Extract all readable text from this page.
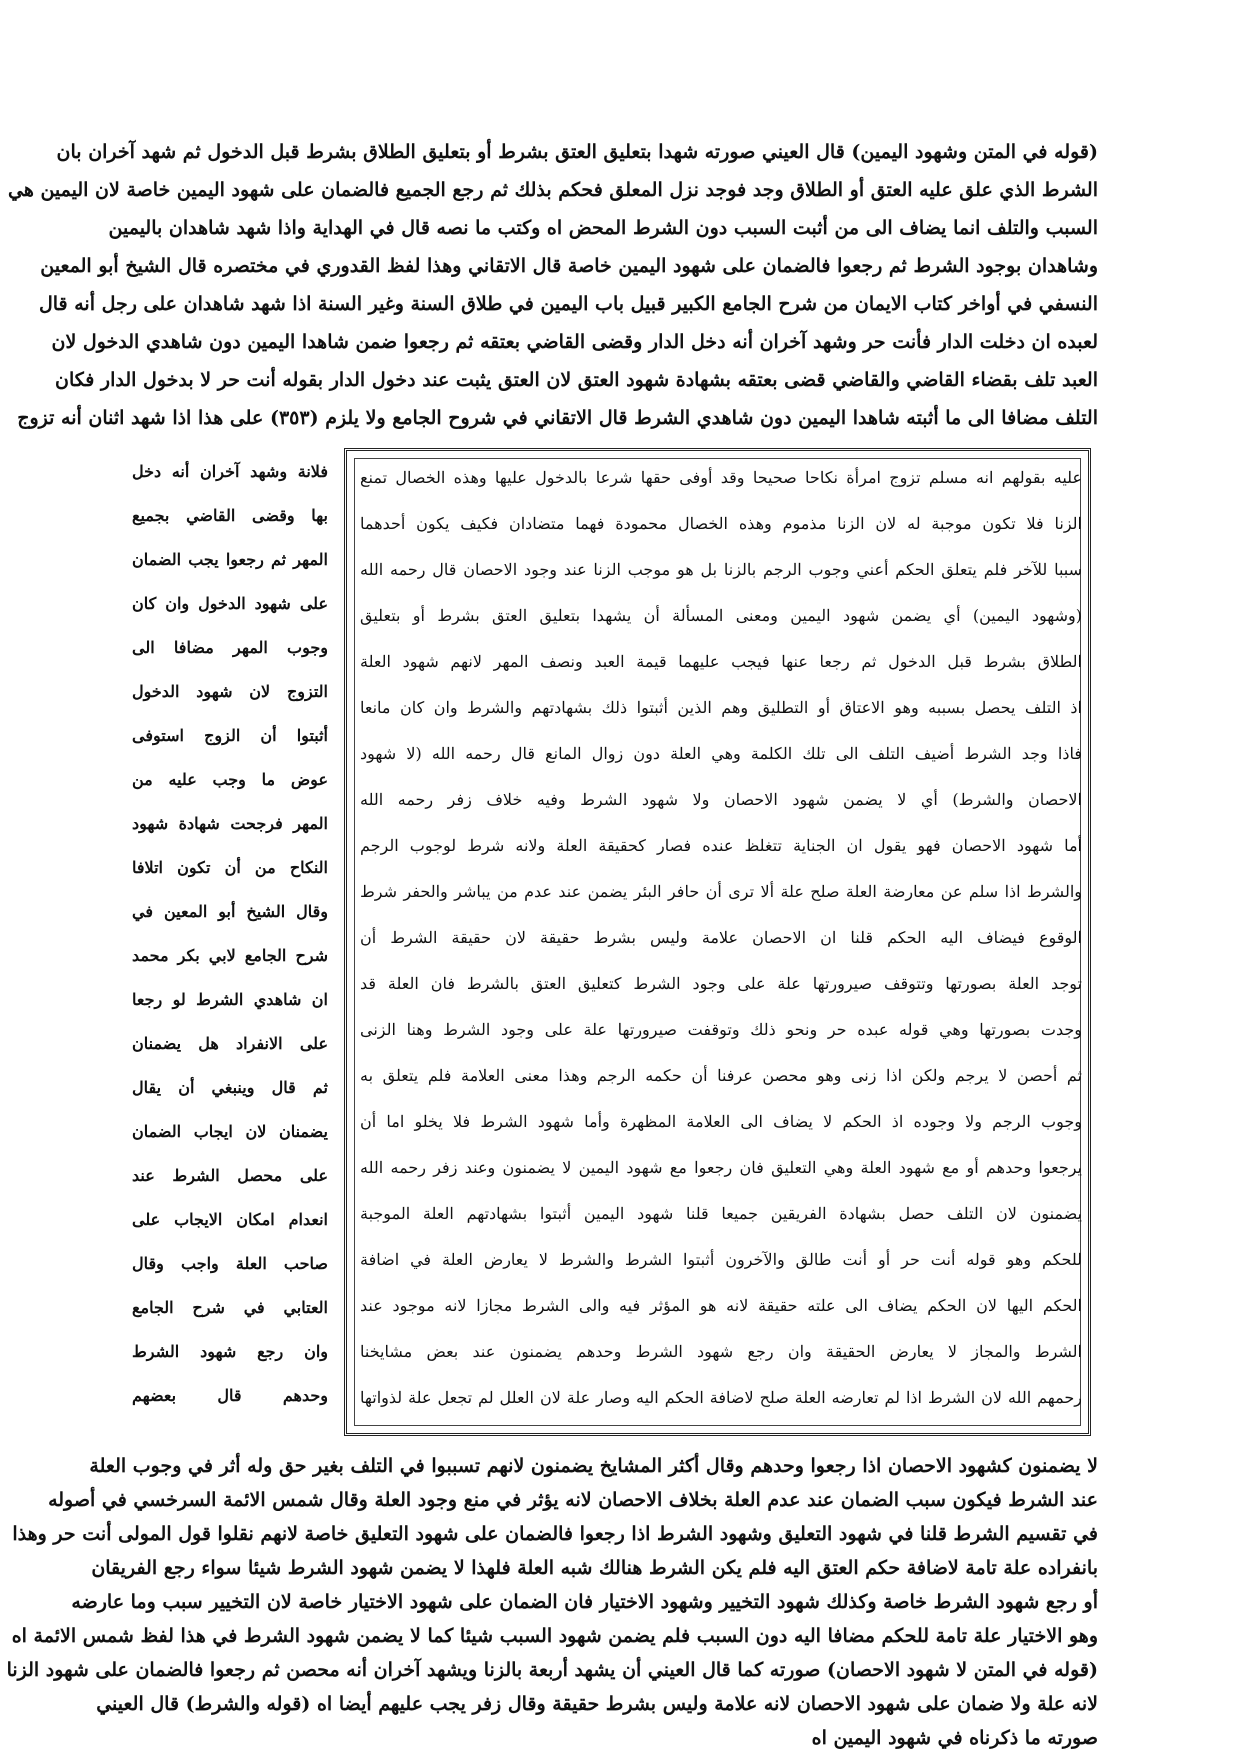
(قوله في المتن وشهود اليمين) قال العيني صورته شهدا بتعليق العتق بشرط أو بتعليق الطلاق بشرط قبل الدخول ثم شهد آخران بان
الشرط الذي علق عليه العتق أو الطلاق وجد فوجد نزل المعلق فحكم بذلك ثم رجع الجميع فالضمان على شهود اليمين خاصة لان اليمين هي
السبب والتلف انما يضاف الى من أثبت السبب دون الشرط المحض اه وكتب ما نصه قال في الهداية واذا شهد شاهدان باليمين
وشاهدان بوجود الشرط ثم رجعوا فالضمان على شهود اليمين خاصة قال الاتقاني وهذا لفظ القدوري في مختصره قال الشيخ أبو المعين
النسفي في أواخر كتاب الايمان من شرح الجامع الكبير قبيل باب اليمين في طلاق السنة وغير السنة اذا شهد شاهدان على رجل أنه قال
لعبده ان دخلت الدار فأنت حر وشهد آخران أنه دخل الدار وقضى القاضي بعتقه ثم رجعوا ضمن شاهدا اليمين دون شاهدي الدخول لان
العبد تلف بقضاء القاضي والقاضي قضى بعتقه بشهادة شهود العتق لان العتق يثبت عند دخول الدار بقوله أنت حر لا بدخول الدار فكان
التلف مضافا الى ما أثبته شاهدا اليمين دون شاهدي الشرط قال الاتقاني في شروح الجامع ولا يلزم (٣٥٣) على هذا اذا شهد اثنان أنه تزوج
عليه بقولهم انه مسلم تزوج امرأة نكاحا صحيحا وقد أوفى حقها شرعا بالدخول عليها وهذه الخصال تمنع
الزنا فلا تكون موجبة له لان الزنا مذموم وهذه الخصال محمودة فهما متضادان فكيف يكون أحدهما
سببا للآخر فلم يتعلق الحكم أعني وجوب الرجم بالزنا بل هو موجب الزنا عند وجود الاحصان قال رحمه الله
(وشهود اليمين) أي يضمن شهود اليمين ومعنى المسألة أن يشهدا بتعليق العتق بشرط أو بتعليق
الطلاق بشرط قبل الدخول ثم رجعا عنها فيجب عليهما قيمة العبد ونصف المهر لانهم شهود العلة
اذ التلف يحصل بسببه وهو الاعتاق أو التطليق وهم الذين أثبتوا ذلك بشهادتهم والشرط وان كان مانعا
فاذا وجد الشرط أضيف التلف الى تلك الكلمة وهي العلة دون زوال المانع قال رحمه الله (لا شهود
الاحصان والشرط) أي لا يضمن شهود الاحصان ولا شهود الشرط وفيه خلاف زفر رحمه الله
أما شهود الاحصان فهو يقول ان الجناية تتغلظ عنده فصار كحقيقة العلة ولانه شرط لوجوب الرجم
والشرط اذا سلم عن معارضة العلة صلح علة ألا ترى أن حافر البئر يضمن عند عدم من يباشر والحفر شرط
الوقوع فيضاف اليه الحكم قلنا ان الاحصان علامة وليس بشرط حقيقة لان حقيقة الشرط أن
توجد العلة بصورتها وتتوقف صيرورتها علة على وجود الشرط كتعليق العتق بالشرط فان العلة قد
وجدت بصورتها وهي قوله عبده حر ونحو ذلك وتوقفت صيرورتها علة على وجود الشرط وهنا الزنى
ثم أحصن لا يرجم ولكن اذا زنى وهو محصن عرفنا أن حكمه الرجم وهذا معنى العلامة فلم يتعلق به
وجوب الرجم ولا وجوده اذ الحكم لا يضاف الى العلامة المظهرة وأما شهود الشرط فلا يخلو اما أن
يرجعوا وحدهم أو مع شهود العلة وهي التعليق فان رجعوا مع شهود اليمين لا يضمنون وعند زفر رحمه الله
يضمنون لان التلف حصل بشهادة الفريقين جميعا قلنا شهود اليمين أثبتوا بشهادتهم العلة الموجبة
للحكم وهو قوله أنت حر أو أنت طالق والآخرون أثبتوا الشرط والشرط لا يعارض العلة في اضافة
الحكم اليها لان الحكم يضاف الى علته حقيقة لانه هو المؤثر فيه والى الشرط مجازا لانه موجود عند
الشرط والمجاز لا يعارض الحقيقة وان رجع شهود الشرط وحدهم يضمنون عند بعض مشايخنا
رحمهم الله لان الشرط اذا لم تعارضه العلة صلح لاضافة الحكم اليه وصار علة لان العلل لم تجعل علة لذواتها
فلانة وشهد آخران أنه دخل
بها وقضى القاضي بجميع
المهر ثم رجعوا يجب الضمان
على شهود الدخول وان كان
وجوب المهر مضافا الى
التزوج لان شهود الدخول
أثبتوا أن الزوج استوفى
عوض ما وجب عليه من
المهر فرجحت شهادة شهود
النكاح من أن تكون اتلافا
وقال الشيخ أبو المعين في
شرح الجامع لابي بكر محمد
ان شاهدي الشرط لو رجعا
على الانفراد هل يضمنان
ثم قال وينبغي أن يقال
يضمنان لان ايجاب الضمان
على محصل الشرط عند
انعدام امكان الايجاب على
صاحب العلة واجب وقال
العتابي في شرح الجامع
وان رجع شهود الشرط
وحدهم قال بعضهم
لا يضمنون كشهود الاحصان اذا رجعوا وحدهم وقال أكثر المشايخ يضمنون لانهم تسببوا في التلف بغير حق وله أثر في وجوب العلة
عند الشرط فيكون سبب الضمان عند عدم العلة بخلاف الاحصان لانه يؤثر في منع وجود العلة وقال شمس الائمة السرخسي في أصوله
في تقسيم الشرط قلنا في شهود التعليق وشهود الشرط اذا رجعوا فالضمان على شهود التعليق خاصة لانهم نقلوا قول المولى أنت حر وهذا
بانفراده علة تامة لاضافة حكم العتق اليه فلم يكن الشرط هنالك شبه العلة فلهذا لا يضمن شهود الشرط شيئا سواء رجع الفريقان
أو رجع شهود الشرط خاصة وكذلك شهود التخيير وشهود الاختيار فان الضمان على شهود الاختيار خاصة لان التخيير سبب وما عارضه
وهو الاختيار علة تامة للحكم مضافا اليه دون السبب فلم يضمن شهود السبب شيئا كما لا يضمن شهود الشرط في هذا لفظ شمس الائمة اه
(قوله في المتن لا شهود الاحصان) صورته كما قال العيني أن يشهد أربعة بالزنا ويشهد آخران أنه محصن ثم رجعوا فالضمان على شهود الزنا
لانه علة ولا ضمان على شهود الاحصان لانه علامة وليس بشرط حقيقة وقال زفر يجب عليهم أيضا اه (قوله والشرط) قال العيني
صورته ما ذكرناه في شهود اليمين اه
